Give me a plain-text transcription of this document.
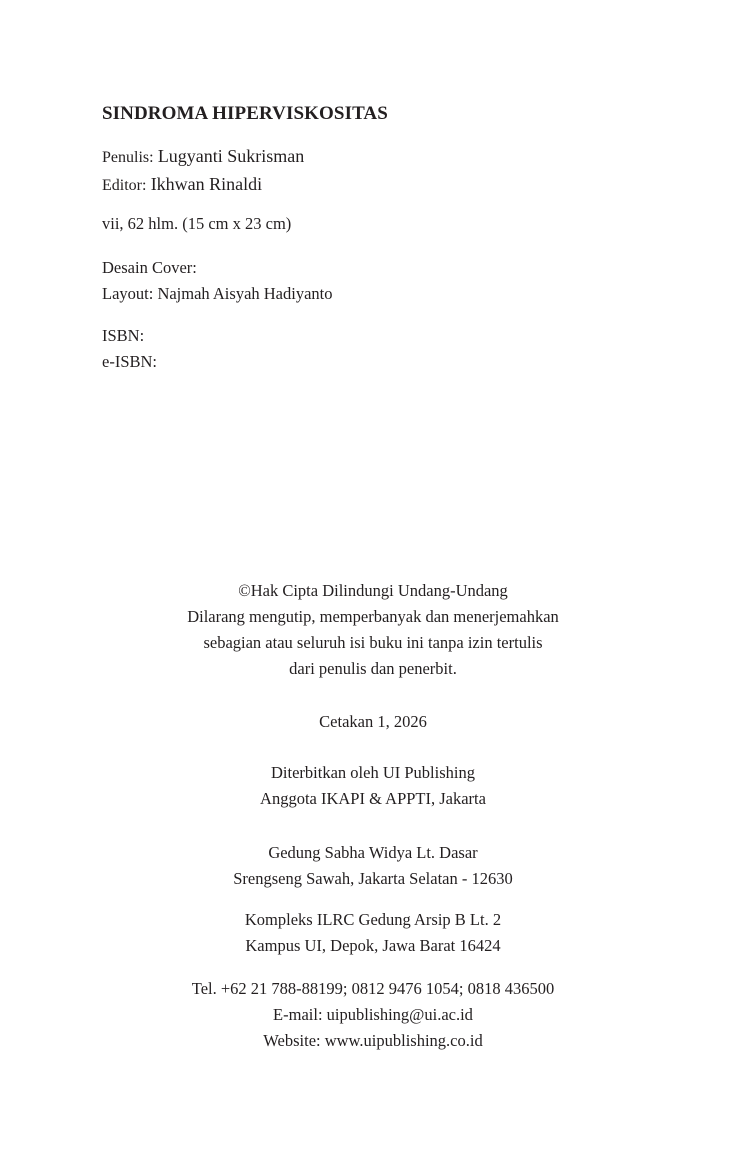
SINDROMA HIPERVISKOSITAS
Penulis: Lugyanti Sukrisman
Editor: Ikhwan Rinaldi
vii, 62 hlm. (15 cm x 23 cm)
Desain Cover:
Layout: Najmah Aisyah Hadiyanto
ISBN:
e-ISBN:
©Hak Cipta Dilindungi Undang-Undang
Dilarang mengutip, memperbanyak dan menerjemahkan
sebagian atau seluruh isi buku ini tanpa izin tertulis
dari penulis dan penerbit.
Cetakan 1, 2026
Diterbitkan oleh UI Publishing
Anggota IKAPI & APPTI, Jakarta
Gedung Sabha Widya Lt. Dasar
Srengseng Sawah, Jakarta Selatan - 12630
Kompleks ILRC Gedung Arsip B Lt. 2
Kampus UI, Depok, Jawa Barat 16424
Tel. +62 21 788-88199; 0812 9476 1054; 0818 436500
E-mail: uipublishing@ui.ac.id
Website: www.uipublishing.co.id
